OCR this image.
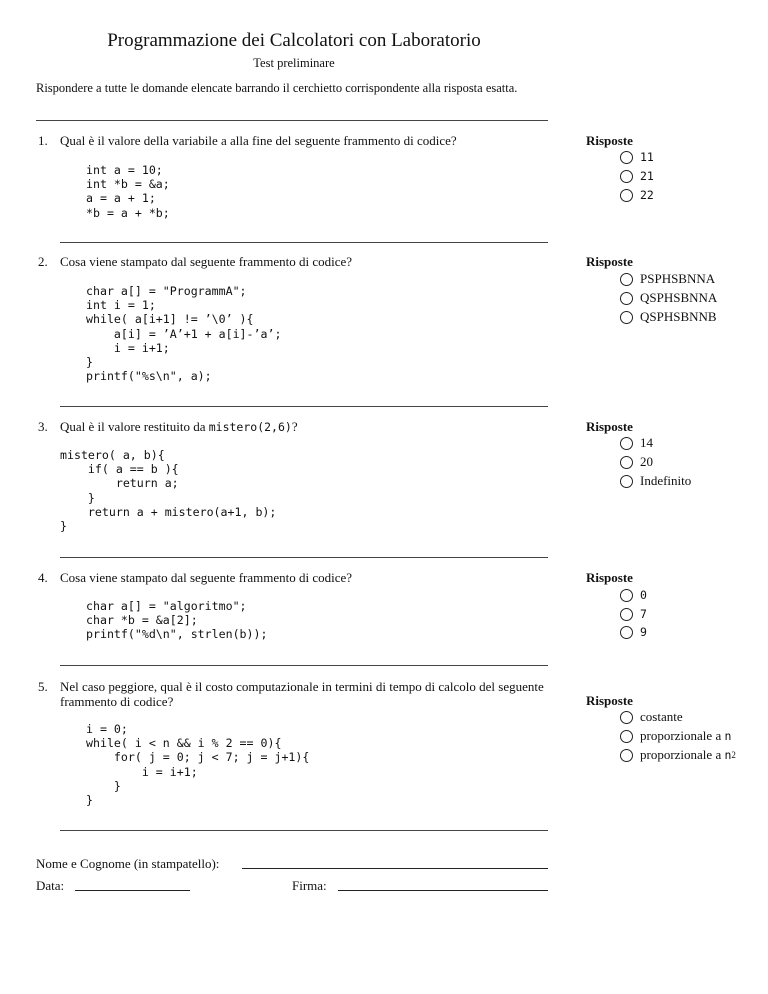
Programmazione dei Calcolatori con Laboratorio
Test preliminare
Rispondere a tutte le domande elencate barrando il cerchietto corrispondente alla risposta esatta.
1. Qual è il valore della variabile a alla fine del seguente frammento di codice?
int a = 10;
int *b = &a;
a = a + 1;
*b = a + *b;
Risposte
11
21
22
2. Cosa viene stampato dal seguente frammento di codice?
char a[] = "ProgrammA";
int i = 1;
while( a[i+1] != ’\0’ ){
a[i] = ’A’+1 + a[i]-’a’;
i = i+1;
}
printf("%s\n", a);
Risposte
PSPHSBNNA
QSPHSBNNA
QSPHSBNNB
3. Qual è il valore restituito da mistero(2,6)?
mistero( a, b){
if( a == b ){
return a;
}
return a + mistero(a+1, b);
}
Risposte
14
20
Indefinito
4. Cosa viene stampato dal seguente frammento di codice?
char a[] = "algoritmo";
char *b = &a[2];
printf("%d\n", strlen(b));
Risposte
0
7
9
5. Nel caso peggiore, qual è il costo computazionale in termini di tempo di calcolo del seguente frammento di codice?
i = 0;
while( i < n && i % 2 == 0){
for( j = 0; j < 7; j = j+1){
i = i+1;
}
}
Risposte
costante
proporzionale a
n
proporzionale a
n 2
Nome e Cognome (in stampatello):
Data:	Firma:
